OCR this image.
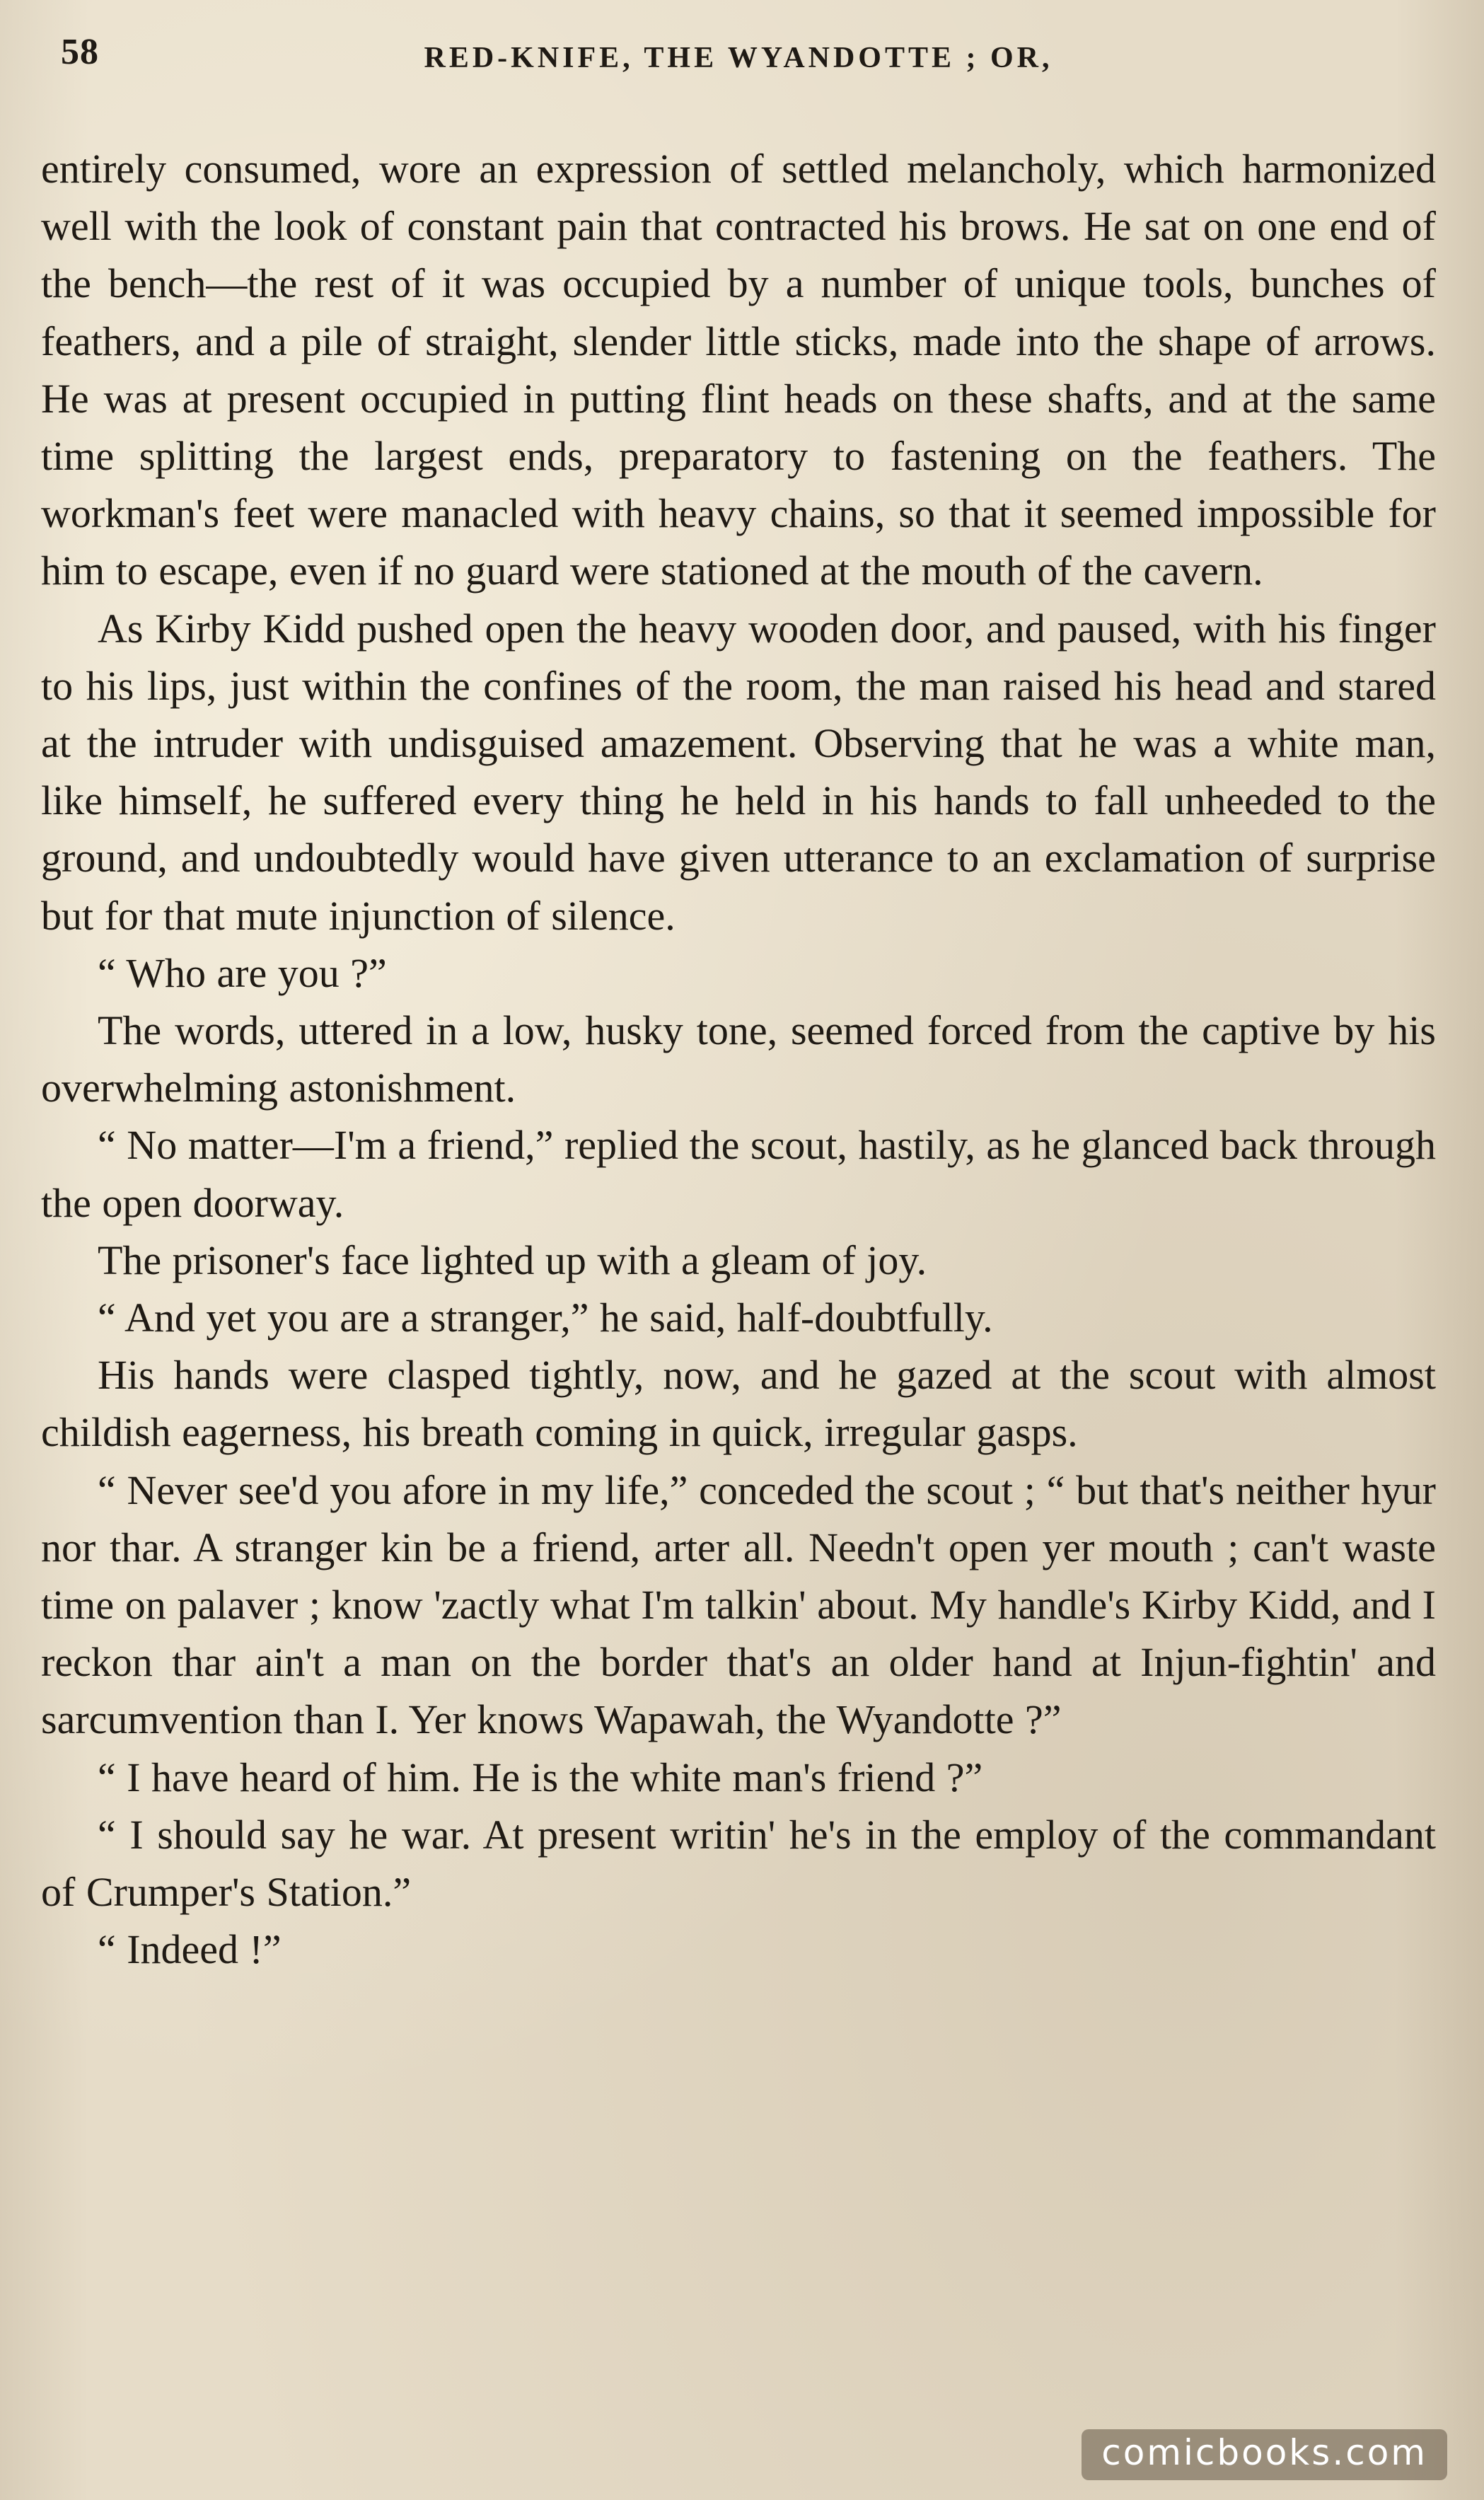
58	RED-KNIFE, THE WYANDOTTE ; OR,

entirely consumed, wore an expression of settled melancholy, which harmonized well with the look of constant pain that contracted his brows. He sat on one end of the bench—the rest of it was occupied by a number of unique tools, bunches of feathers, and a pile of straight, slender little sticks, made into the shape of arrows. He was at present occupied in putting flint heads on these shafts, and at the same time splitting the largest ends, preparatory to fastening on the feathers. The workman's feet were manacled with heavy chains, so that it seemed impossible for him to escape, even if no guard were stationed at the mouth of the cavern.

As Kirby Kidd pushed open the heavy wooden door, and paused, with his finger to his lips, just within the confines of the room, the man raised his head and stared at the intruder with undisguised amazement. Observing that he was a white man, like himself, he suffered every thing he held in his hands to fall unheeded to the ground, and undoubtedly would have given utterance to an exclamation of surprise but for that mute injunction of silence.

“ Who are you ?”

The words, uttered in a low, husky tone, seemed forced from the captive by his overwhelming astonishment.

“ No matter—I'm a friend,” replied the scout, hastily, as he glanced back through the open doorway.

The prisoner's face lighted up with a gleam of joy.

“ And yet you are a stranger,” he said, half-doubtfully.

His hands were clasped tightly, now, and he gazed at the scout with almost childish eagerness, his breath coming in quick, irregular gasps.

“ Never see'd you afore in my life,” conceded the scout ; “ but that's neither hyur nor thar. A stranger kin be a friend, arter all. Needn't open yer mouth ; can't waste time on palaver ; know 'zactly what I'm talkin' about. My handle's Kirby Kidd, and I reckon thar ain't a man on the border that's an older hand at Injun-fightin' and sarcumvention than I. Yer knows Wapawah, the Wyandotte ?”

“ I have heard of him. He is the white man's friend ?”

“ I should say he war. At present writin' he's in the employ of the commandant of Crumper's Station.”

“ Indeed !”

comicbooks.com
